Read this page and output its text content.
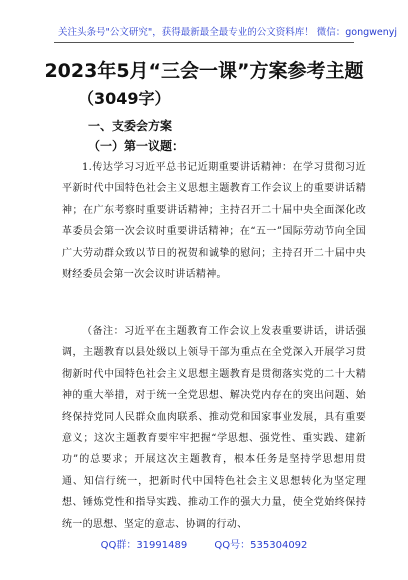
关注头条号"公文研究"，获得最新最全最专业的公文资料库！ 微信：gongwenyj
2023年5月“三会一课”方案参考主题
（3049字）
一、支委会方案
（一）第一议题：
1.传达学习习近平总书记近期重要讲话精神：在学习贯彻习近平新时代中国特色社会主义思想主题教育工作会议上的重要讲话精神；在广东考察时重要讲话精神；主持召开二十届中央全面深化改革委员会第一次会议时重要讲话精神；在“五一”国际劳动节向全国广大劳动群众致以节日的祝贺和诚挚的慰问；主持召开二十届中央财经委员会第一次会议时讲话精神。
（备注：习近平在主题教育工作会议上发表重要讲话，讲话强调，主题教育以县处级以上领导干部为重点在全党深入开展学习贯彻新时代中国特色社会主义思想主题教育是贯彻落实党的二十大精神的重大举措，对于统一全党思想、解决党内存在的突出问题、始终保持党同人民群众血肉联系、推动党和国家事业发展，具有重要意义；这次主题教育要牢牢把握“学思想、强党性、重实践、建新功”的总要求；开展这次主题教育，根本任务是坚持学思想用贯通、知信行统一，把新时代中国特色社会主义思想转化为坚定理想、锤炼党性和指导实践、推动工作的强大力量，使全党始终保持统一的思想、坚定的意志、协调的行动、
QQ群：31991489	QQ号：535304092
